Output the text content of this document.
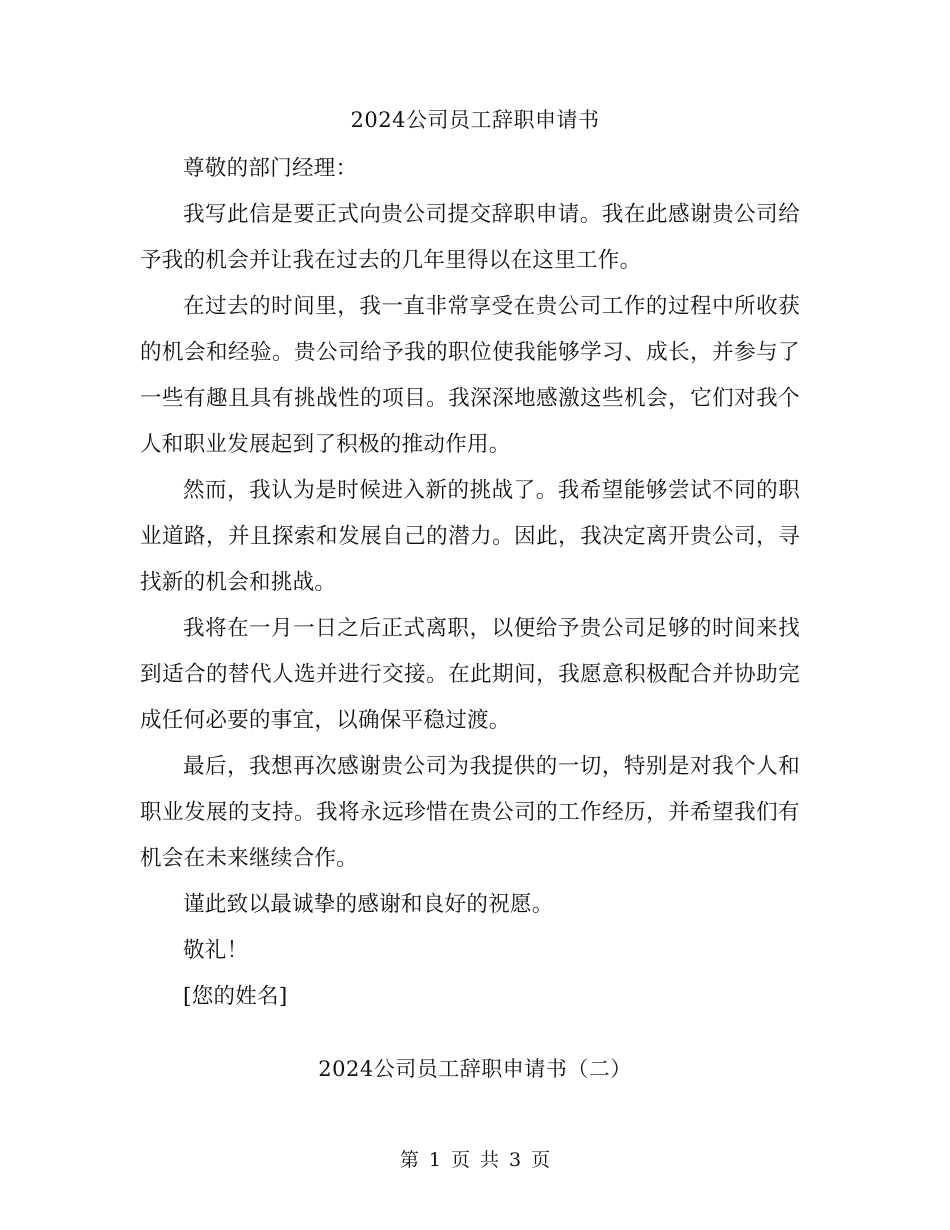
2024公司员工辞职申请书

尊敬的部门经理：

我写此信是要正式向贵公司提交辞职申请。我在此感谢贵公司给予我的机会并让我在过去的几年里得以在这里工作。

在过去的时间里，我一直非常享受在贵公司工作的过程中所收获的机会和经验。贵公司给予我的职位使我能够学习、成长，并参与了一些有趣且具有挑战性的项目。我深深地感激这些机会，它们对我个人和职业发展起到了积极的推动作用。

然而，我认为是时候进入新的挑战了。我希望能够尝试不同的职业道路，并且探索和发展自己的潜力。因此，我决定离开贵公司，寻找新的机会和挑战。

我将在一月一日之后正式离职，以便给予贵公司足够的时间来找到适合的替代人选并进行交接。在此期间，我愿意积极配合并协助完成任何必要的事宜，以确保平稳过渡。

最后，我想再次感谢贵公司为我提供的一切，特别是对我个人和职业发展的支持。我将永远珍惜在贵公司的工作经历，并希望我们有机会在未来继续合作。

谨此致以最诚挚的感谢和良好的祝愿。

敬礼！

[您的姓名]

2024公司员工辞职申请书（二）
第 1 页 共 3 页
